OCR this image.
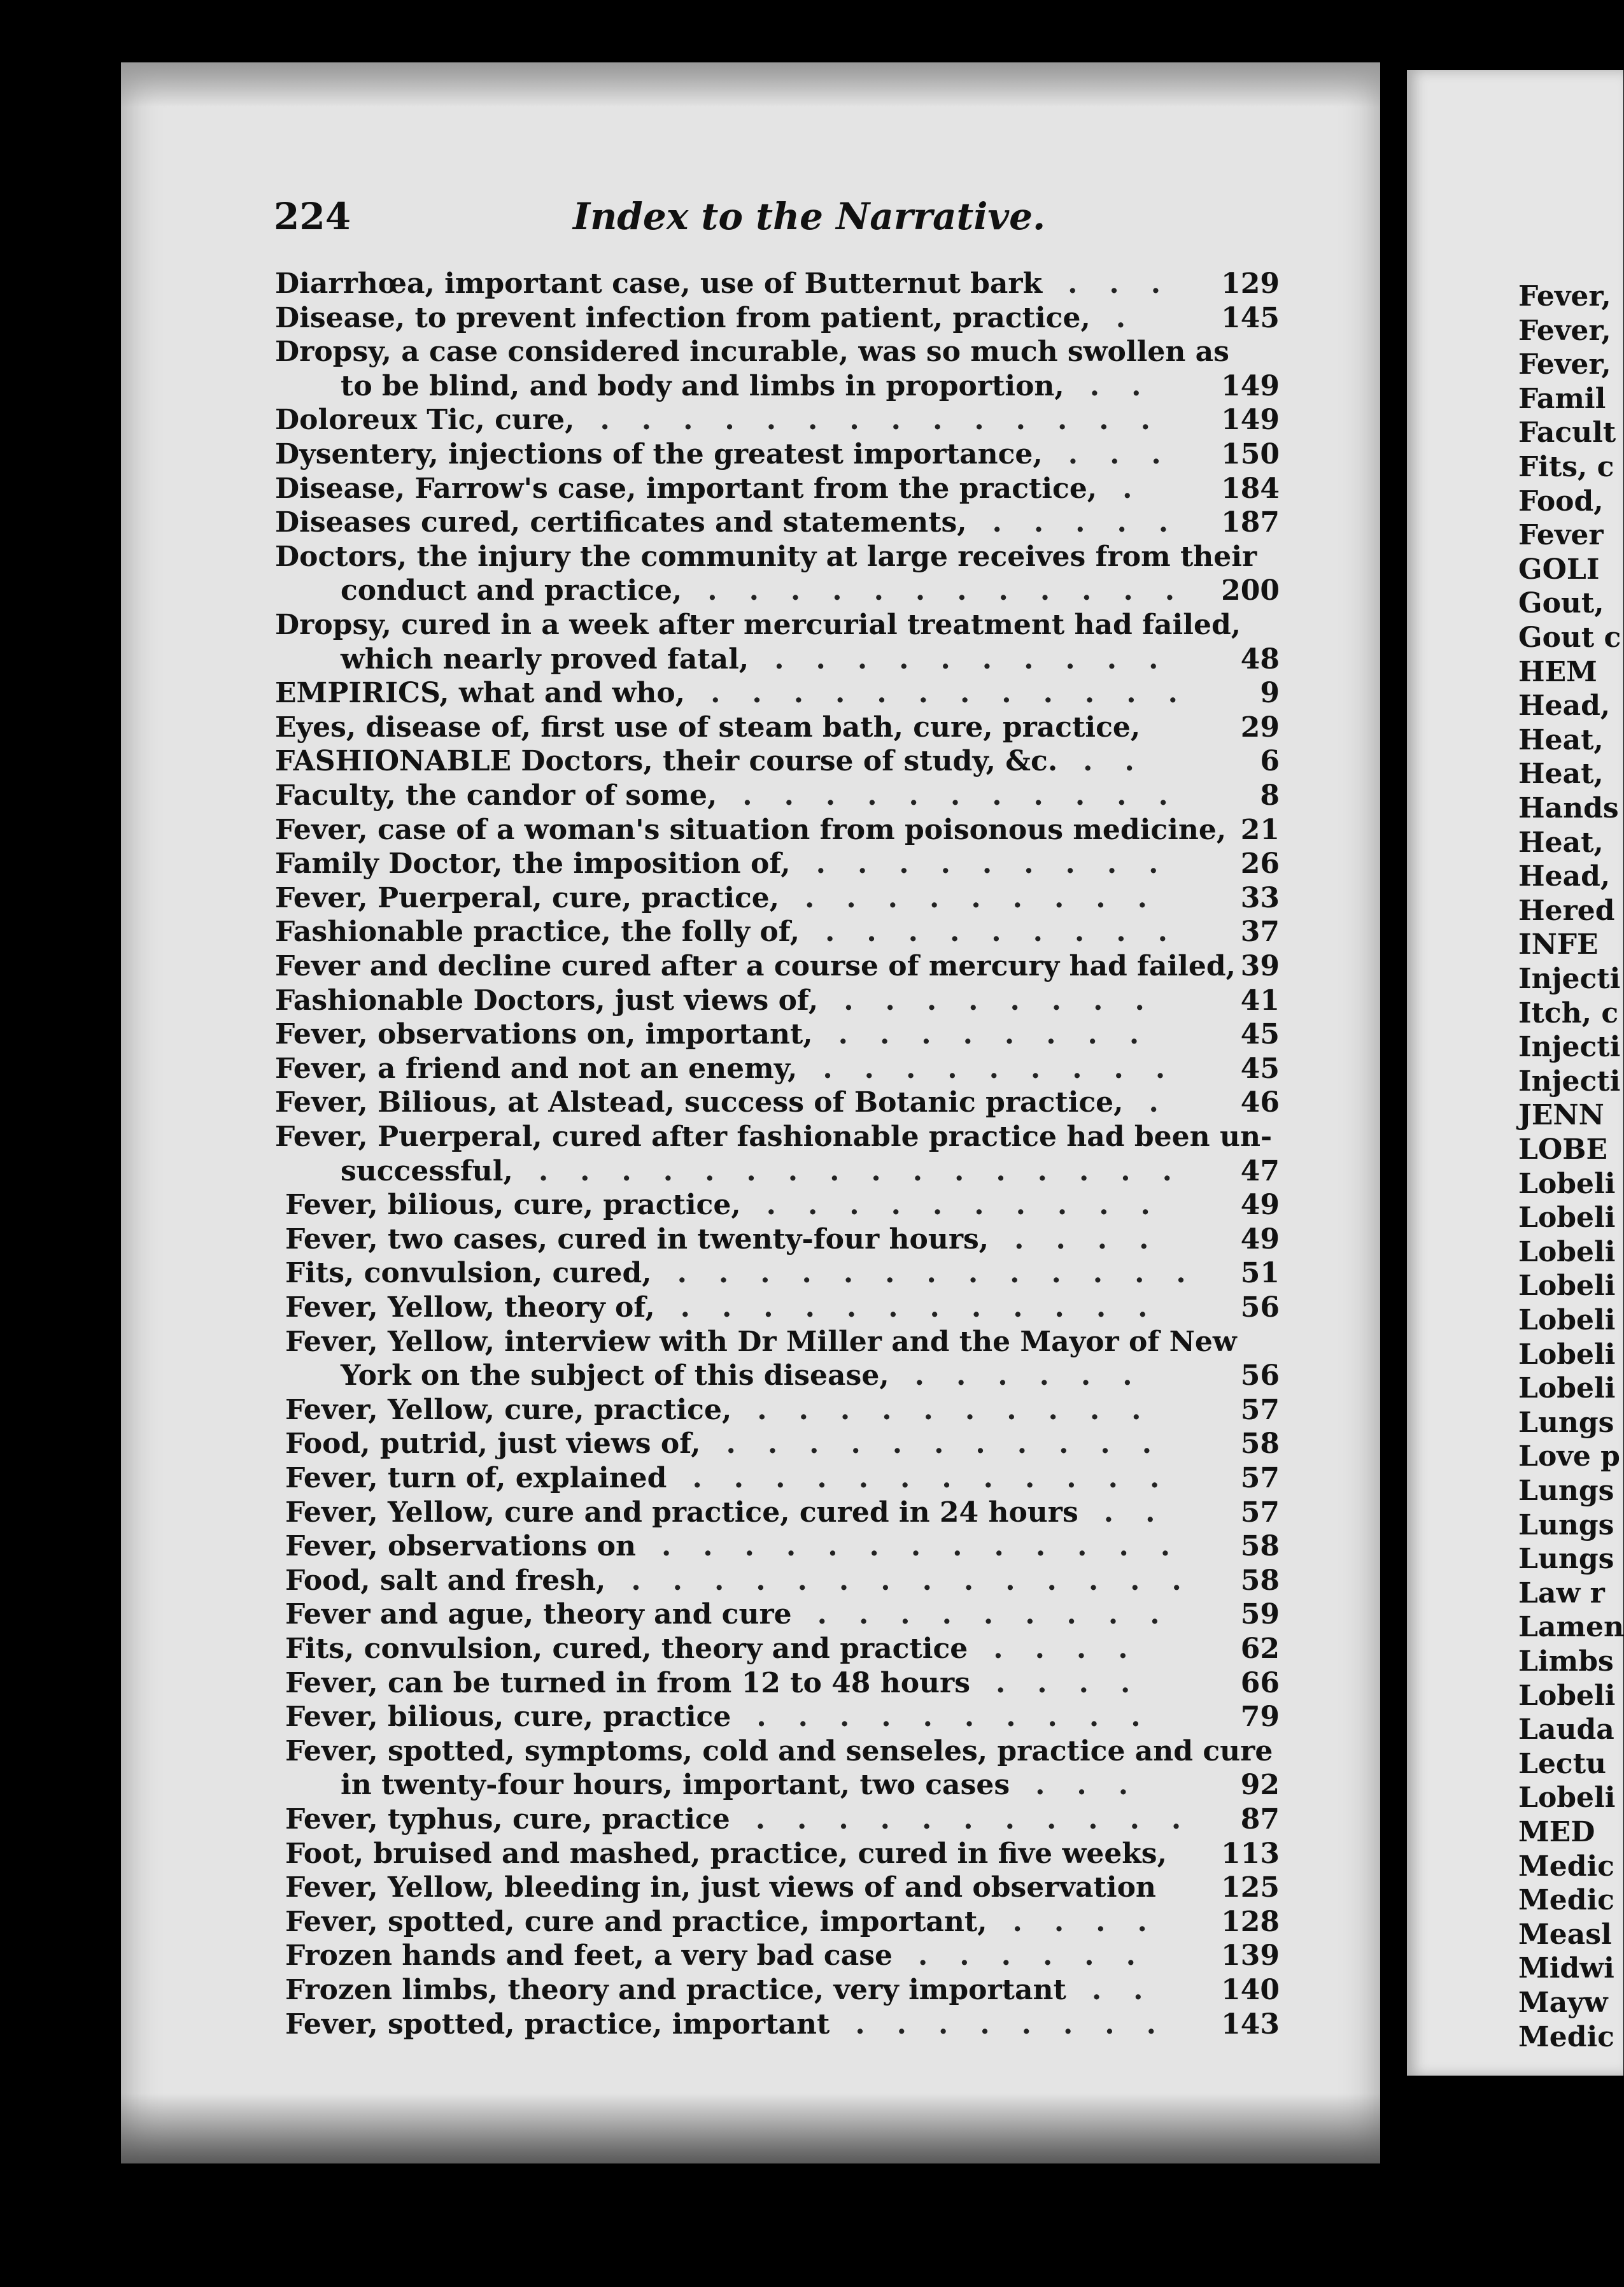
224	Index to the Narrative.
Diarrhœa, important case, use of Butternut bark	129
...
Disease, to prevent infection from patient, practice,	145
.
Dropsy, a case considered incurable, was so much swollen as
to be blind, and body and limbs in proportion,	149
..
Doloreux Tic, cure,	149
..............
Dysentery, injections of the greatest importance,	150
...
Disease, Farrow's case, important from the practice,	184
.
Diseases cured, certificates and statements,	187
.....
Doctors, the injury the community at large receives from their
conduct and practice,	200
............
Dropsy, cured in a week after mercurial treatment had failed,
which nearly proved fatal,	48
..........
EMPIRICS, what and who,	9
............
Eyes, disease of, first use of steam bath, cure, practice,	29
FASHIONABLE Doctors, their course of study, &c.	6
..
Faculty, the candor of some,	8
...........
Fever, case of a woman's situation from poisonous medicine, 21
Family Doctor, the imposition of,	26
.........
Fever, Puerperal, cure, practice,	33
.........
Fashionable practice, the folly of,	37
.........
Fever and decline cured after a course of mercury had failed, 39
Fashionable Doctors, just views of,	41
........
Fever, observations on, important,	45
........
Fever, a friend and not an enemy,	45
.........
Fever, Bilious, at Alstead, success of Botanic practice,	46
.
Fever, Puerperal, cured after fashionable practice had been un-
successful,	47
................
Fever, bilious, cure, practice,	49
..........
Fever, two cases, cured in twenty-four hours,	49
....
Fits, convulsion, cured,	51
.............
Fever, Yellow, theory of,	56
............
Fever, Yellow, interview with Dr Miller and the Mayor of New
York on the subject of this disease,	56
......
Fever, Yellow, cure, practice,	57
..........
Food, putrid, just views of,	58
...........
Fever, turn of, explained	57
............
Fever, Yellow, cure and practice, cured in 24 hours	57
..
Fever, observations on	58
.............
Food, salt and fresh,	58
..............
Fever and ague, theory and cure	59
.........
Fits, convulsion, cured, theory and practice	62
....
Fever, can be turned in from 12 to 48 hours	66
....
Fever, bilious, cure, practice	79
..........
Fever, spotted, symptoms, cold and senseles, practice and cure
in twenty-four hours, important, two cases	92
...
Fever, typhus, cure, practice	87
...........
Foot, bruised and mashed, practice, cured in five weeks,	113
Fever, Yellow, bleeding in, just views of and observation	125
Fever, spotted, cure and practice, important,	128
....
Frozen hands and feet, a very bad case	139
......
Frozen limbs, theory and practice, very important	140
..
Fever, spotted, practice, important	143
........
Fever,
Fever,
Fever,
Famil
Facult
Fits, c
Food,
Fever
GOLI
Gout,
Gout c
HEM
Head,
Heat,
Heat,
Hands
Heat,
Head,
Hered
INFE
Injecti
Itch, c
Injecti
Injecti
JENN
LOBE
Lobeli
Lobeli
Lobeli
Lobeli
Lobeli
Lobeli
Lobeli
Lungs
Love p
Lungs
Lungs
Lungs
Law r
Lamen
Limbs
Lobeli
Lauda
Lectu
Lobeli
MED
Medic
Medic
Measl
Midwi
Mayw
Medic
